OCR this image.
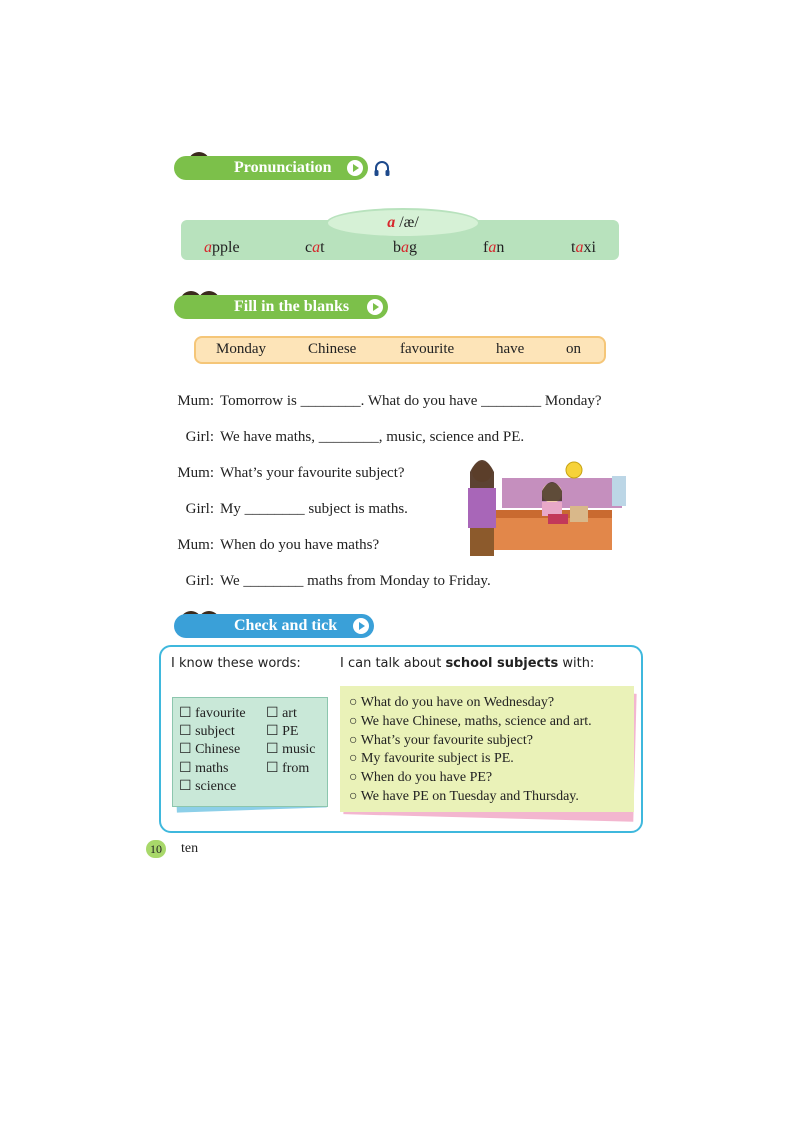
Pronunciation
a /æ/
apple	cat	bag	fan	taxi
Fill in the blanks
Monday	Chinese	favourite	have	on
Mum: Tomorrow is ________. What do you have ________ Monday?
Girl: We have maths, ________, music, science and PE.
Mum: What’s your favourite subject?
Girl: My ________ subject is maths.
Mum: When do you have maths?
Girl: We ________ maths from Monday to Friday.
Check and tick
I know these words:	I can talk about school subjects with:
☐ favourite
☐ subject
☐ Chinese
☐ maths
☐ science
☐ art
☐ PE
☐ music
☐ from
○ What do you have on Wednesday?
○ We have Chinese, maths, science and art.
○ What’s your favourite subject?
○ My favourite subject is PE.
○ When do you have PE?
○ We have PE on Tuesday and Thursday.
10 ten
